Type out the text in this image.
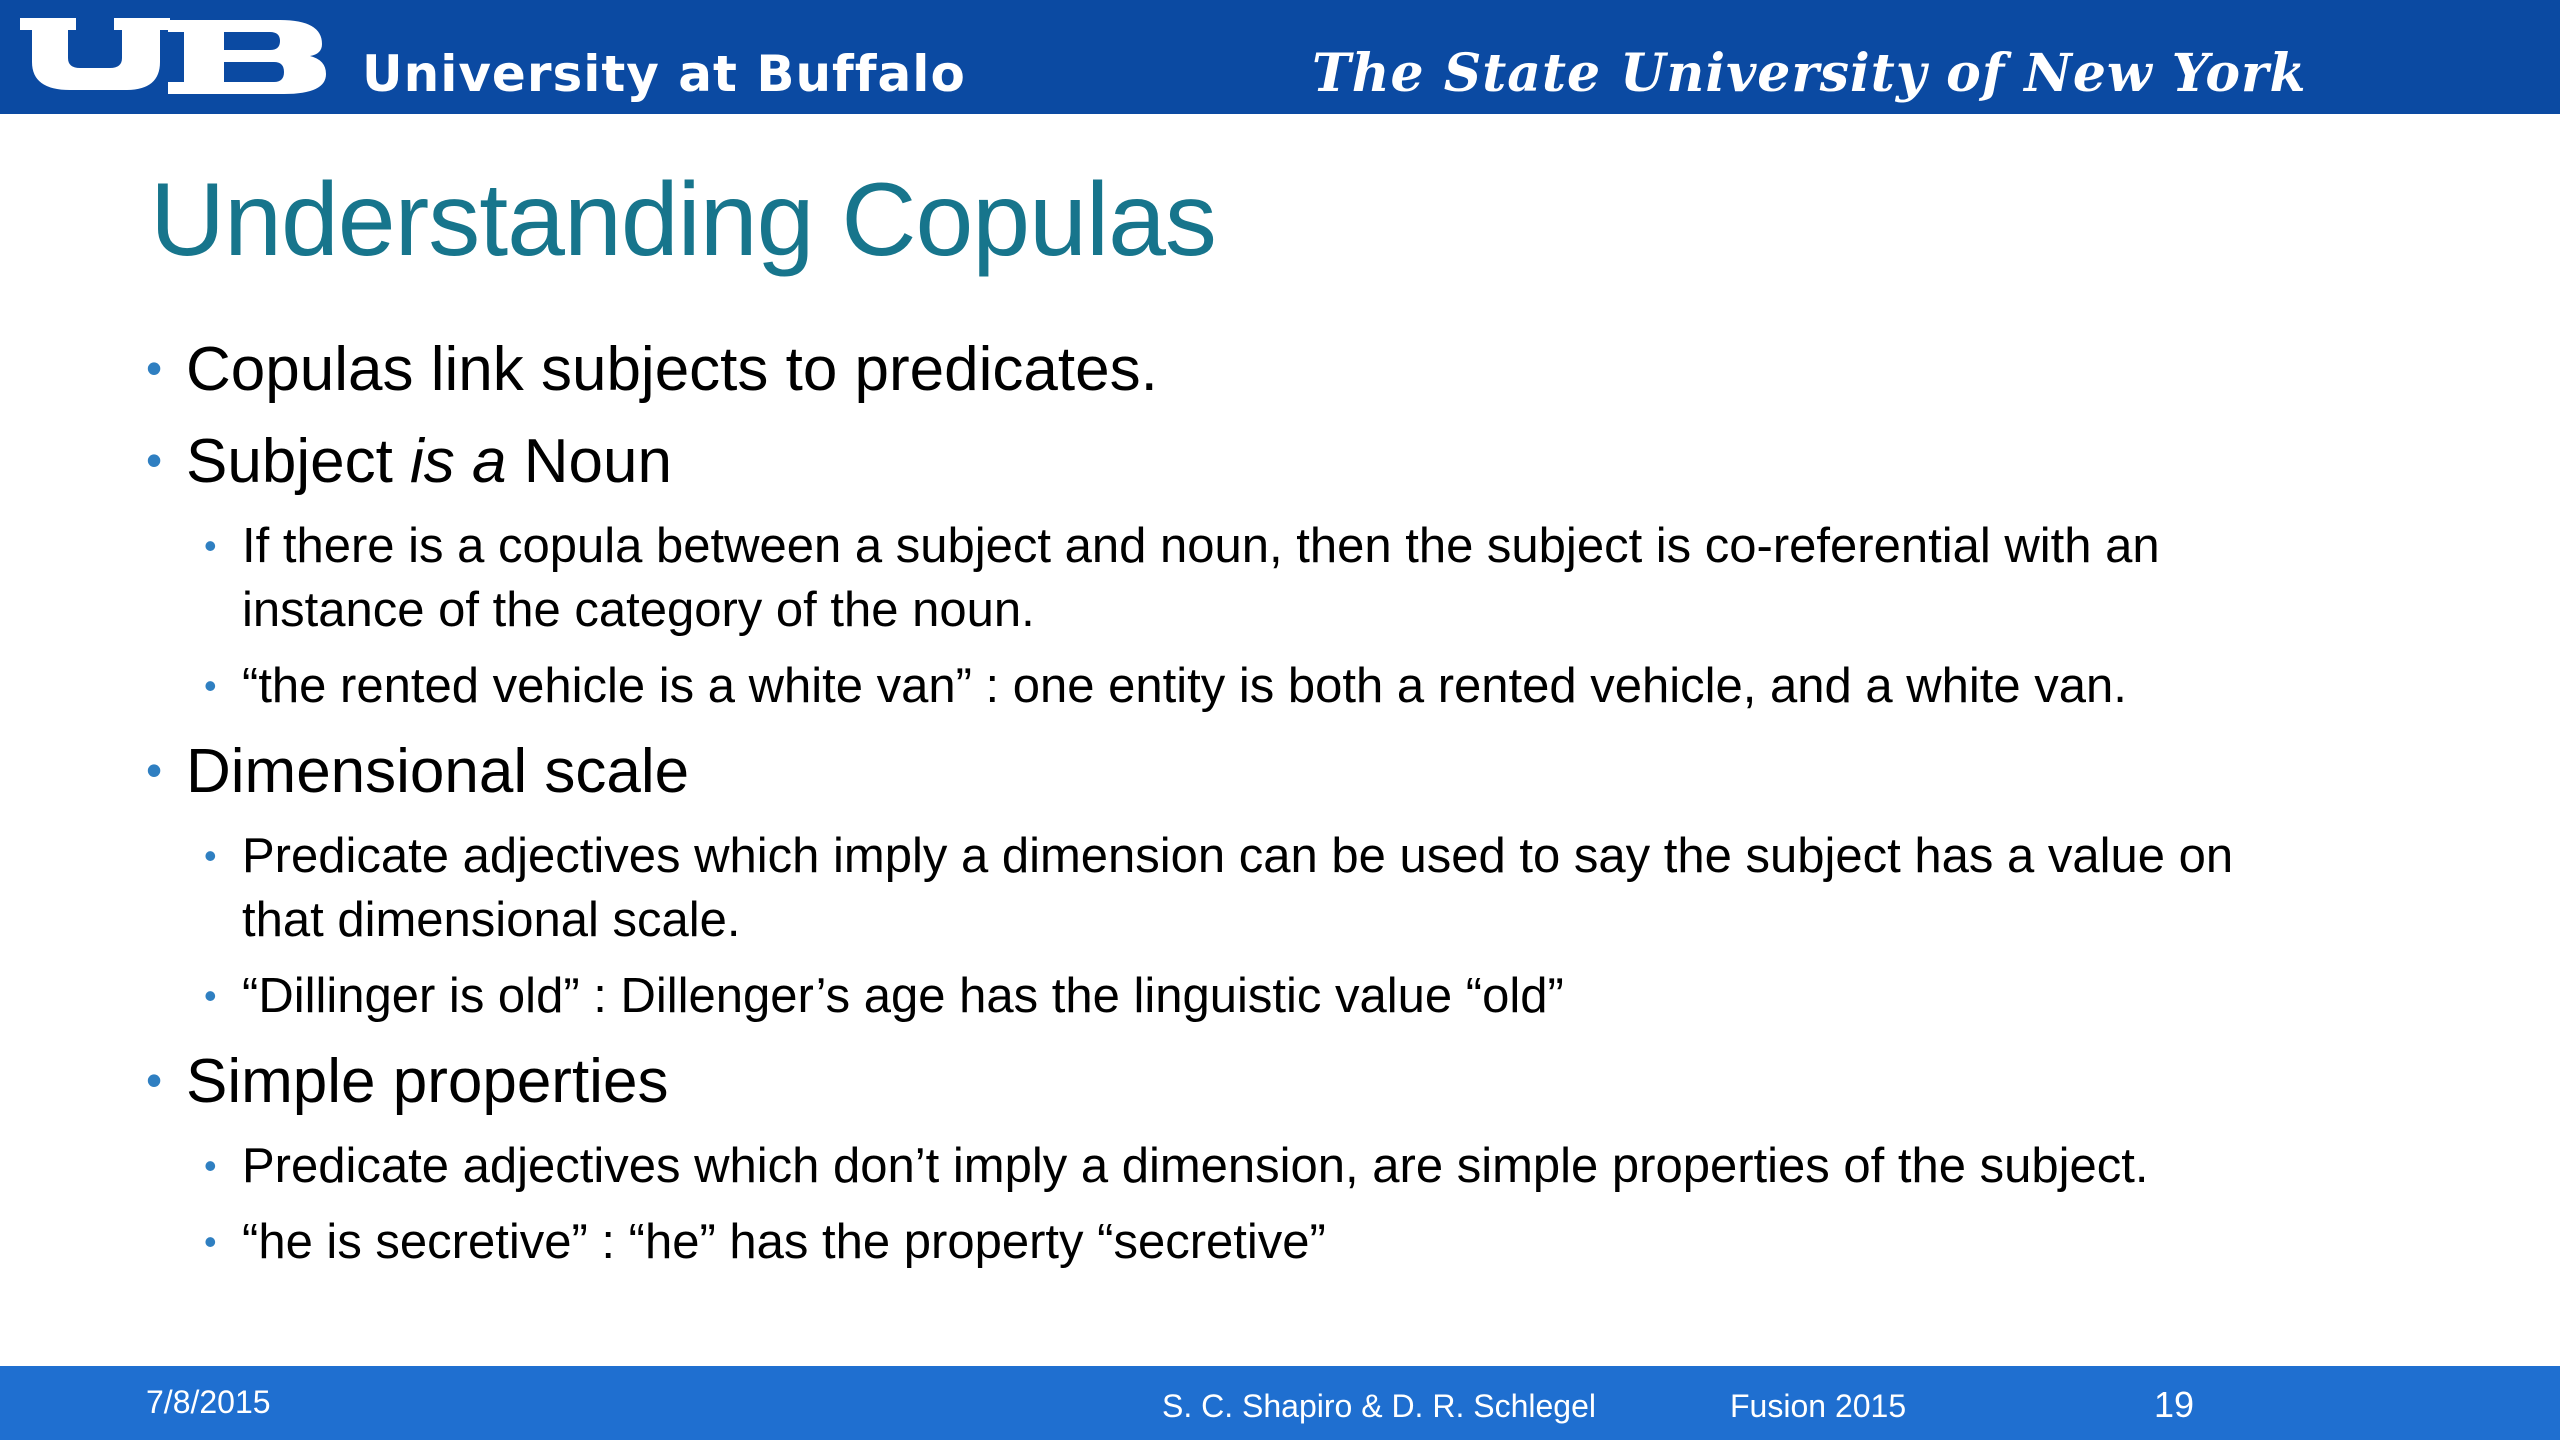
University at Buffalo	The State University of New York
Understanding Copulas
• Copulas link subjects to predicates.
• Subject is a Noun
• If there is a copula between a subject and noun, then the subject is co-referential with an
instance of the category of the noun.
• “the rented vehicle is a white van” : one entity is both a rented vehicle, and a white van.
• Dimensional scale
• Predicate adjectives which imply a dimension can be used to say the subject has a value on
that dimensional scale.
• “Dillinger is old” : Dillenger’s age has the linguistic value “old”
• Simple properties
• Predicate adjectives which don’t imply a dimension, are simple properties of the subject.
• “he is secretive” : “he” has the property “secretive”
7/8/2015	S. C. Shapiro & D. R. Schlegel	Fusion 2015	19
